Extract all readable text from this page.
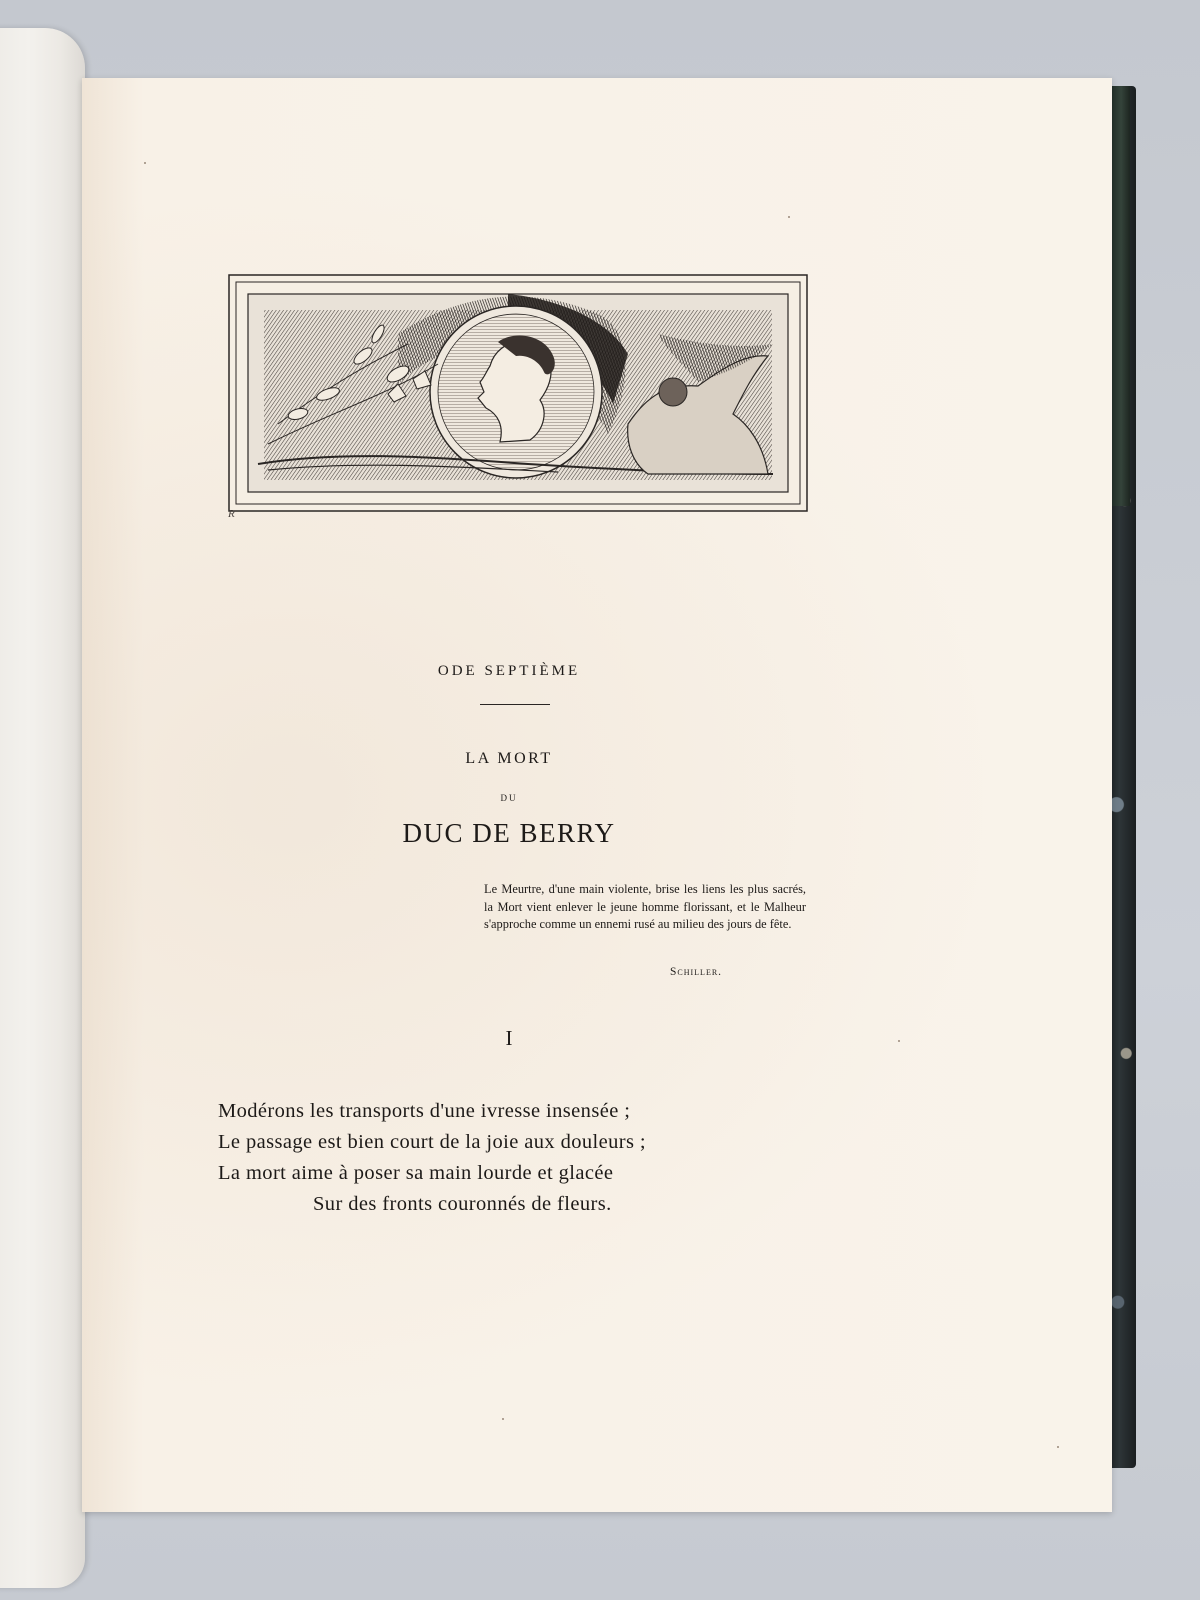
R
ODE SEPTIÈME
LA MORT
DU
DUC DE BERRY
Le Meurtre, d'une main violente, brise les liens les plus sacrés, la Mort vient enlever le jeune homme florissant, et le Malheur s'approche comme un ennemi rusé au milieu des jours de fête.
Schiller.
I
Modérons les transports d'une ivresse insensée ;
Le passage est bien court de la joie aux douleurs ;
La mort aime à poser sa main lourde et glacée
Sur des fronts couronnés de fleurs.
